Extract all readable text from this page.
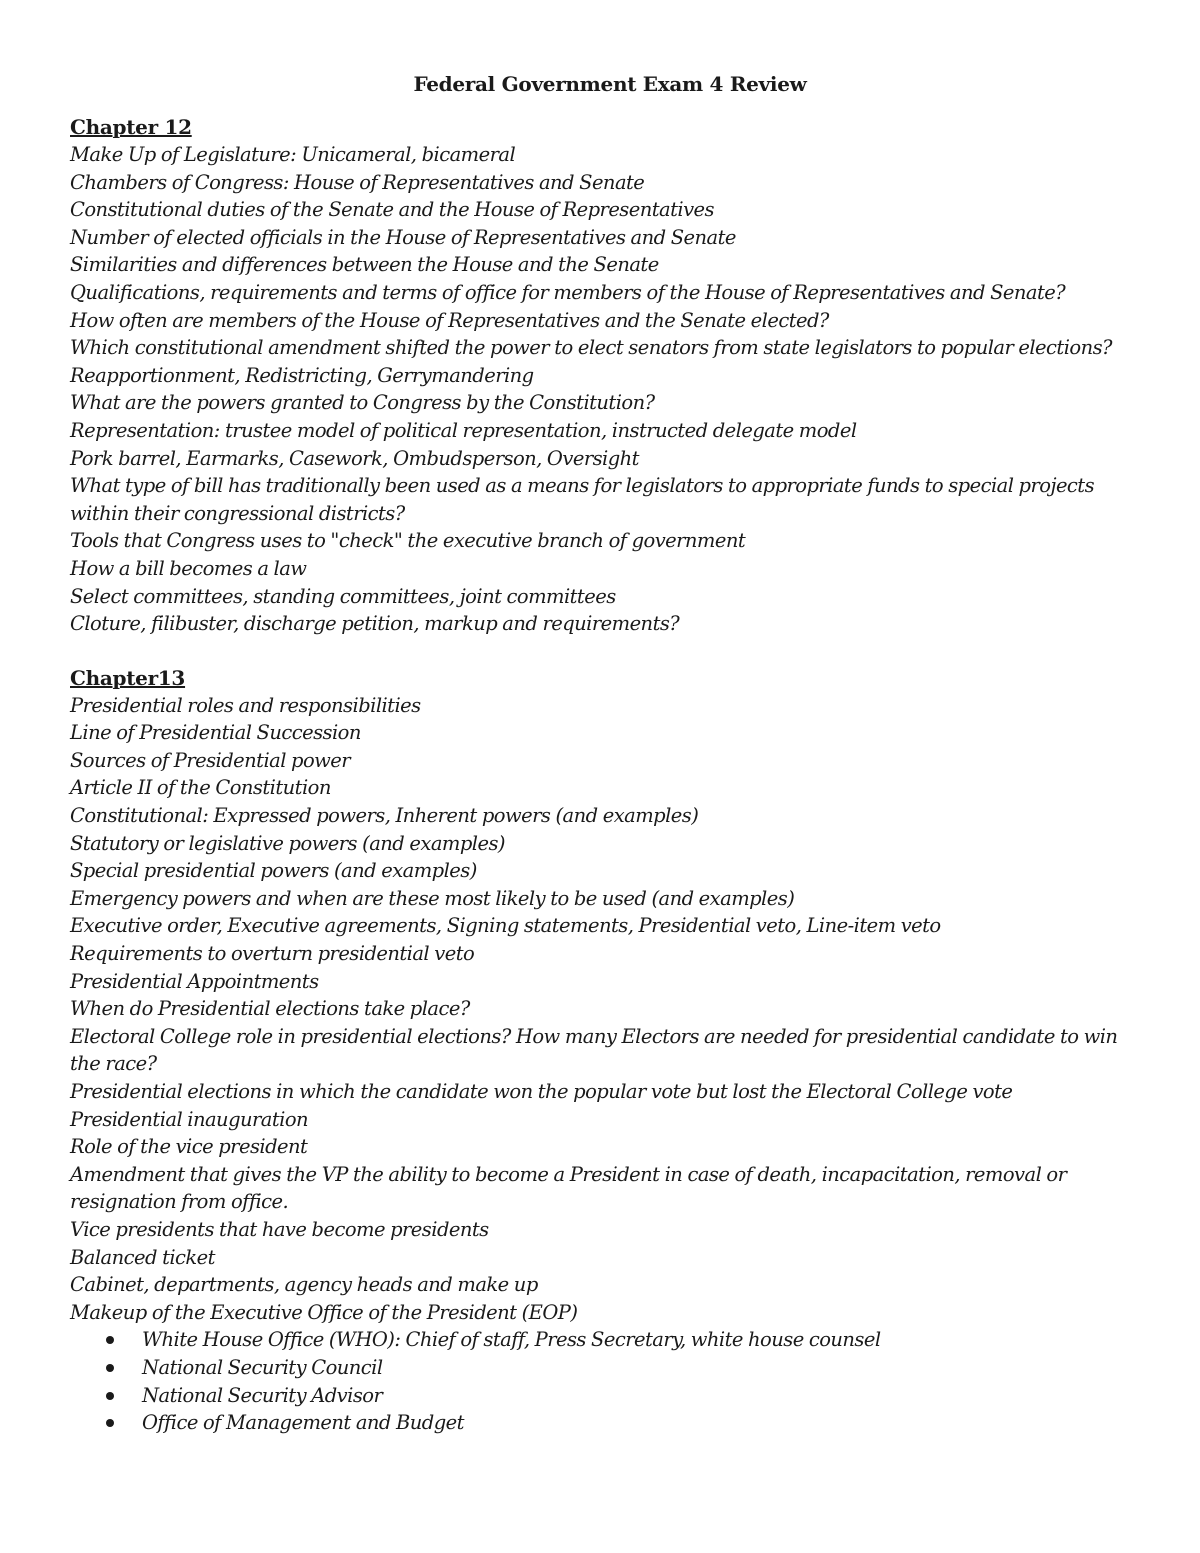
Federal Government Exam 4 Review
Chapter 12
Make Up of Legislature: Unicameral, bicameral
Chambers of Congress: House of Representatives and Senate
Constitutional duties of the Senate and the House of Representatives
Number of elected officials in the House of Representatives and Senate
Similarities and differences between the House and the Senate
Qualifications, requirements and terms of office for members of the House of Representatives and Senate?
How often are members of the House of Representatives and the Senate elected?
Which constitutional amendment shifted the power to elect senators from state legislators to popular elections?
Reapportionment, Redistricting, Gerrymandering
What are the powers granted to Congress by the Constitution?
Representation: trustee model of political representation, instructed delegate model
Pork barrel, Earmarks, Casework, Ombudsperson, Oversight
What type of bill has traditionally been used as a means for legislators to appropriate funds to special projects within their congressional districts?
Tools that Congress uses to "check" the executive branch of government
How a bill becomes a law
Select committees, standing committees, joint committees
Cloture, filibuster, discharge petition, markup and requirements?
Chapter13
Presidential roles and responsibilities
Line of Presidential Succession
Sources of Presidential power
Article II of the Constitution
Constitutional: Expressed powers, Inherent powers (and examples)
Statutory or legislative powers (and examples)
Special presidential powers (and examples)
Emergency powers and when are these most likely to be used (and examples)
Executive order, Executive agreements, Signing statements, Presidential veto, Line-item veto
Requirements to overturn presidential veto
Presidential Appointments
When do Presidential elections take place?
Electoral College role in presidential elections? How many Electors are needed for presidential candidate to win the race?
Presidential elections in which the candidate won the popular vote but lost the Electoral College vote
Presidential inauguration
Role of the vice president
Amendment that gives the VP the ability to become a President in case of death, incapacitation, removal or resignation from office.
Vice presidents that have become presidents
Balanced ticket
Cabinet, departments, agency heads and make up
Makeup of the Executive Office of the President (EOP)
White House Office (WHO): Chief of staff, Press Secretary, white house counsel
National Security Council
National Security Advisor
Office of Management and Budget
